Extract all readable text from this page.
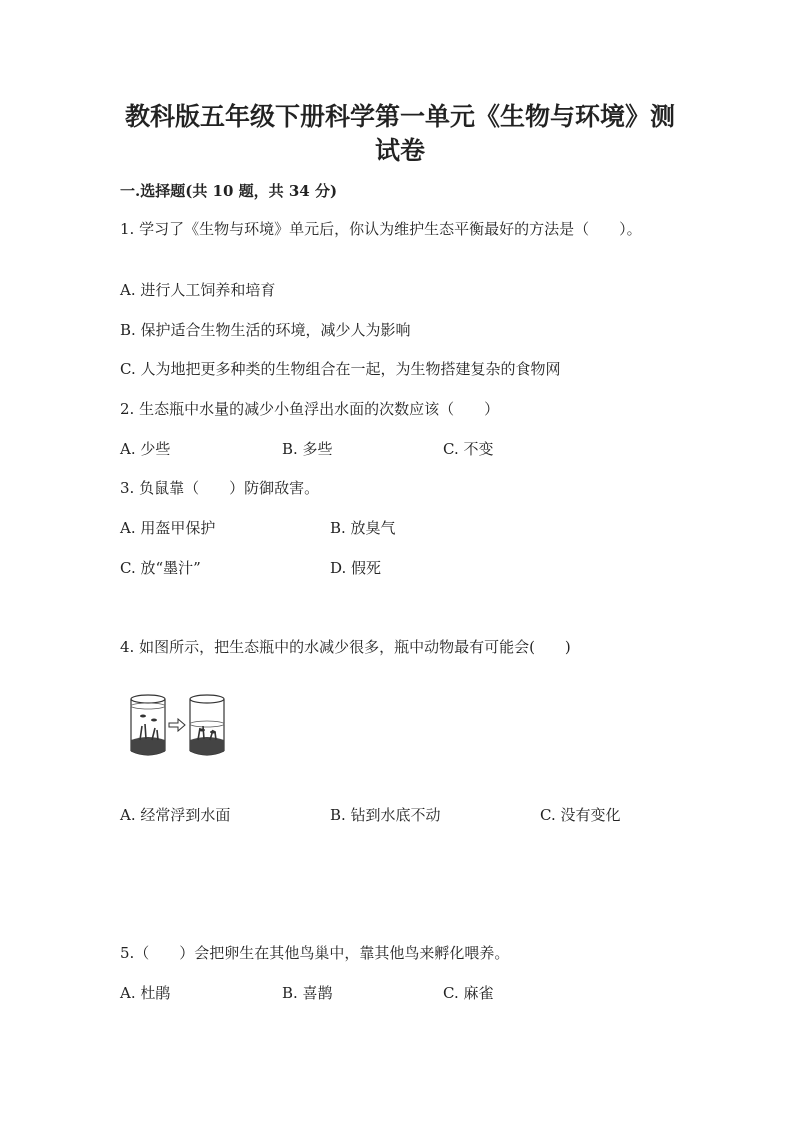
教科版五年级下册科学第一单元《生物与环境》测
试卷

一.选择题(共 10 题，共 34 分)

1. 学习了《生物与环境》单元后，你认为维护生态平衡最好的方法是（　　）。

A. 进行人工饲养和培育

B. 保护适合生物生活的环境，减少人为影响

C. 人为地把更多种类的生物组合在一起，为生物搭建复杂的食物网

2. 生态瓶中水量的减少小鱼浮出水面的次数应该（　　）

A. 少些	B. 多些	C. 不变

3. 负鼠靠（　　）防御敌害。

A. 用盔甲保护	B. 放臭气

C. 放“墨汁”	D. 假死

4. 如图所示，把生态瓶中的水减少很多，瓶中动物最有可能会(　　)

A. 经常浮到水面	B. 钻到水底不动	C. 没有变化

5.（　　）会把卵生在其他鸟巢中，靠其他鸟来孵化喂养。

A. 杜鹃	B. 喜鹊	C. 麻雀
